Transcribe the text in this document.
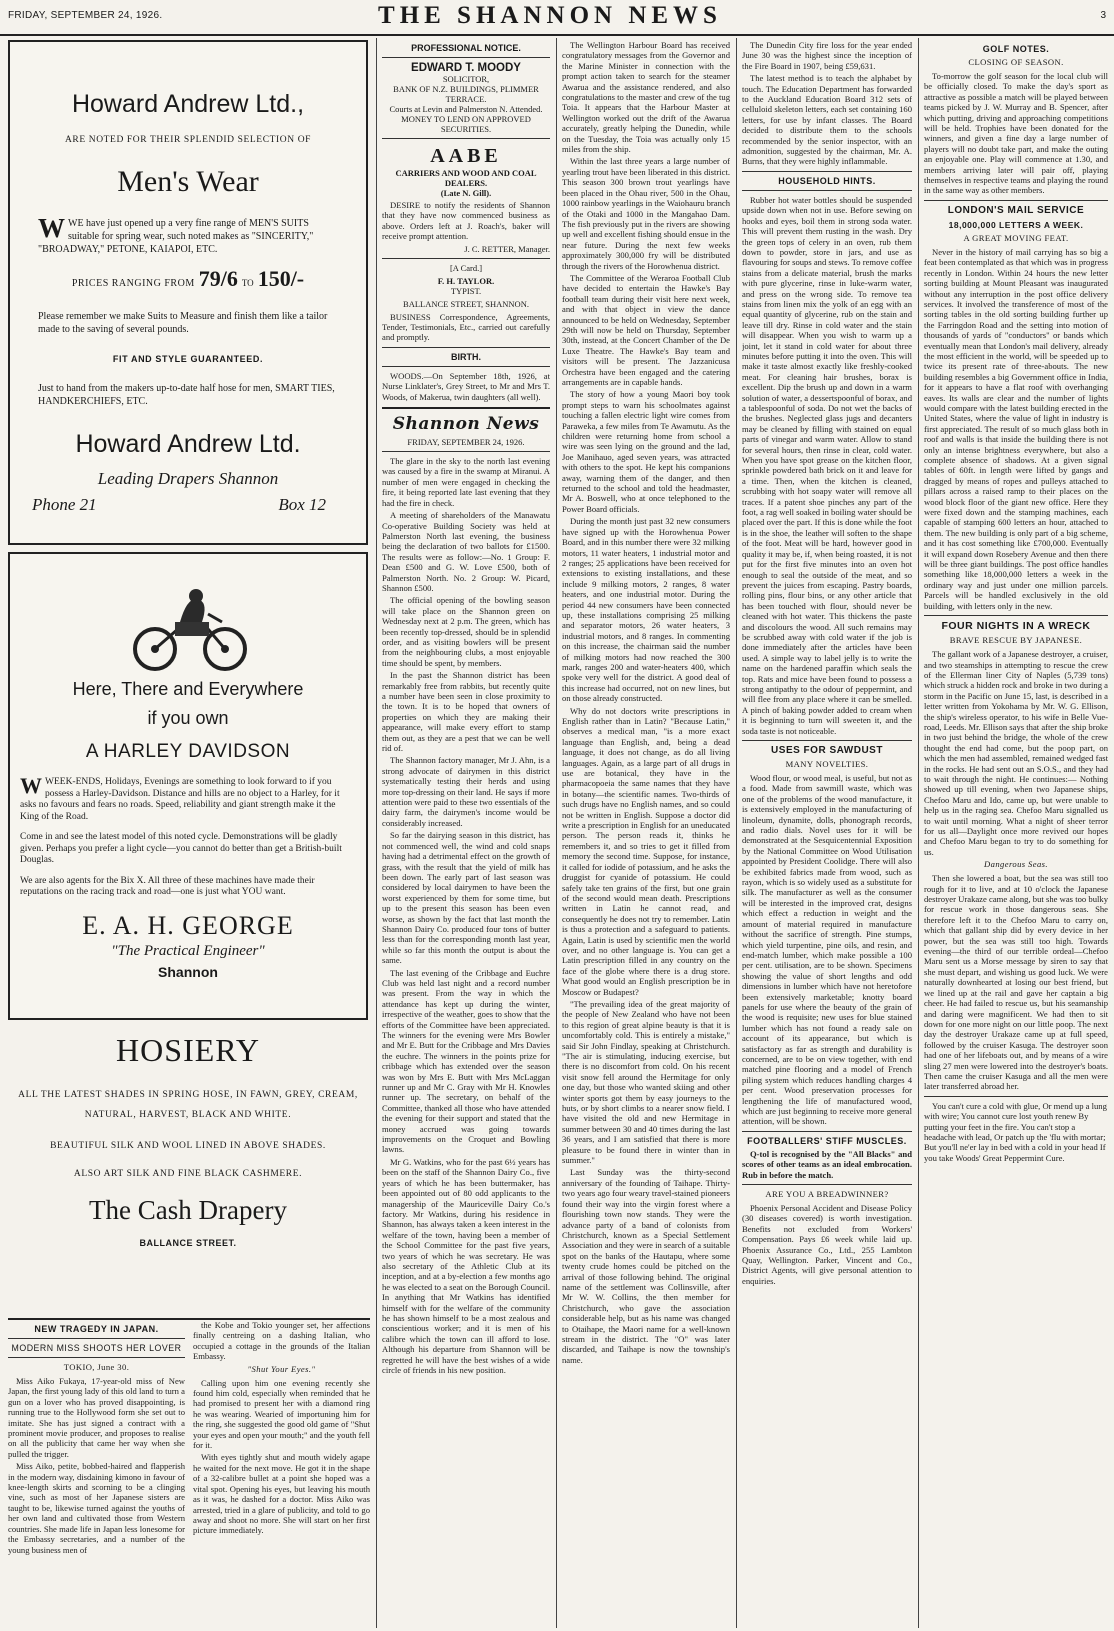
FRIDAY, SEPTEMBER 24, 1926.	THE SHANNON NEWS	3
Howard Andrew Ltd.,
ARE NOTED FOR THEIR SPLENDID SELECTION OF
Men's Wear
WWE have just opened up a very fine range of MEN'S SUITS suitable for spring wear, such noted makes as "SINCERITY," "BROADWAY," PETONE, KAIAPOI, ETC.
PRICES RANGING FROM 79/6 TO 150/-
Please remember we make Suits to Measure and finish them like a tailor made to the saving of several pounds.
FIT AND STYLE GUARANTEED.
Just to hand from the makers up-to-date half hose for men, SMART TIES, HANDKERCHIEFS, ETC.
Howard Andrew Ltd.
Leading Drapers Shannon
Phone 21	Box 12
Here, There and Everywhere
if you own
A HARLEY DAVIDSON
WWEEK-ENDS, Holidays, Evenings are something to look forward to if you possess a Harley-Davidson. Distance and hills are no object to a Harley, for it asks no favours and fears no roads. Speed, reliability and giant strength make it the King of the Road.
Come in and see the latest model of this noted cycle. Demonstrations will be gladly given. Perhaps you prefer a light cycle—you cannot do better than get a British-built Douglas.
We are also agents for the Bix X. All three of these machines have made their reputations on the racing track and road—one is just what YOU want.
E. A. H. GEORGE
"The Practical Engineer"
Shannon
HOSIERY
ALL THE LATEST SHADES IN SPRING HOSE, IN FAWN, GREY, CREAM, NATURAL, HARVEST, BLACK AND WHITE.
BEAUTIFUL SILK AND WOOL LINED IN ABOVE SHADES.
ALSO ART SILK AND FINE BLACK CASHMERE.
The Cash Drapery
BALLANCE STREET.
NEW TRAGEDY IN JAPAN.
MODERN MISS SHOOTS HER LOVER
TOKIO, June 30.

Miss Aiko Fukaya, 17-year-old miss of New Japan, the first young lady of this old land to turn a gun on a lover who has proved disappointing, is running true to the Hollywood form she set out to imitate. She has just signed a contract with a prominent movie producer, and proposes to realise on all the publicity that came her way when she pulled the trigger.

Miss Aiko, petite, bobbed-haired and flapperish in the modern way, disdaining kimono in favour of knee-length skirts and scorning to be a clinging vine, such as most of her Japanese sisters are taught to be, likewise turned against the youths of her own land and cultivated those from Western countries. She made life in Japan less lonesome for the Embassy secretaries, and a number of the young business men of

the Kobe and Tokio younger set, her affections finally centreing on a dashing Italian, who occupied a cottage in the grounds of the Italian Embassy.

"Shut Your Eyes."

Calling upon him one evening recently she found him cold, especially when reminded that he had promised to present her with a diamond ring he was wearing. Wearied of importuning him for the ring, she suggested the good old game of "Shut your eyes and open your mouth;" and the youth fell for it.

With eyes tightly shut and mouth widely agape he waited for the next move. He got it in the shape of a 32-calibre bullet at a point she hoped was a vital spot. Opening his eyes, but leaving his mouth as it was, he dashed for a doctor. Miss Aiko was arrested, tried in a glare of publicity, and told to go away and shoot no more. She will start on her first picture immediately.

PROFESSIONAL NOTICE.
EDWARD T. MOODY
SOLICITOR,
BANK OF N.Z. BUILDINGS, PLIMMER TERRACE.
Courts at Levin and Palmerston N. Attended.
MONEY TO LEND ON APPROVED SECURITIES.
AABE
CARRIERS AND WOOD AND COAL DEALERS.
(Late N. Gill).

DESIRE to notify the residents of Shannon that they have now commenced business as above. Orders left at J. Roach's, baker will receive prompt attention.

J. C. RETTER, Manager.
[A Card.]
F. H. TAYLOR.
TYPIST.
BALLANCE STREET, SHANNON.

BUSINESS Correspondence, Agreements, Tender, Testimonials, Etc., carried out carefully and promptly.

BIRTH.

WOODS.—On September 18th, 1926, at Nurse Linklater's, Grey Street, to Mr and Mrs T. Woods, of Makerua, twin daughters (all well).

Shannon News
FRIDAY, SEPTEMBER 24, 1926.

The glare in the sky to the north last evening was caused by a fire in the swamp at Miranui. A number of men were engaged in checking the fire, it being reported late last evening that they had the fire in check.

A meeting of shareholders of the Manawatu Co-operative Building Society was held at Palmerston North last evening, the business being the declaration of two ballots for £1500. The results were as follow:—No. 1 Group: F. Dean £500 and G. W. Love £500, both of Palmerston North. No. 2 Group: W. Picard, Shannon £500.

The official opening of the bowling season will take place on the Shannon green on Wednesday next at 2 p.m. The green, which has been recently top-dressed, should be in splendid order, and as visiting bowlers will be present from the neighbouring clubs, a most enjoyable time should be spent, by members.

In the past the Shannon district has been remarkably free from rabbits, but recently quite a number have been seen in close proximity to the town. It is to be hoped that owners of properties on which they are making their appearance, will make every effort to stamp them out, as they are a pest that we can be well rid of.

The Shannon factory manager, Mr J. Ahn, is a strong advocate of dairymen in this district systematically testing their herds and using more top-dressing on their land. He says if more attention were paid to these two essentials of the dairy farm, the dairymen's income would be considerably increased.

So far the dairying season in this district, has not commenced well, the wind and cold snaps having had a detrimental effect on the growth of grass, with the result that the yield of milk has been down. The early part of last season was considered by local dairymen to have been the worst experienced by them for some time, but up to the present this season has been even worse, as shown by the fact that last month the Shannon Dairy Co. produced four tons of butter less than for the corresponding month last year, while so far this month the output is about the same.

The last evening of the Cribbage and Euchre Club was held last night and a record number was present. From the way in which the attendance has kept up during the winter, irrespective of the weather, goes to show that the efforts of the Committee have been appreciated. The winners for the evening were Mrs Bowler and Mr E. Butt for the Cribbage and Mrs Davies the euchre. The winners in the points prize for cribbage which has extended over the season was won by Mrs E. Butt with Mrs McLaggan runner up and Mr C. Gray with Mr H. Knowles runner up. The secretary, on behalf of the Committee, thanked all those who have attended the evening for their support and stated that the money accrued was going towards improvements on the Croquet and Bowling lawns.

Mr G. Watkins, who for the past 6½ years has been on the staff of the Shannon Dairy Co., five years of which he has been buttermaker, has been appointed out of 80 odd applicants to the managership of the Mauriceville Dairy Co.'s factory. Mr Watkins, during his residence in Shannon, has always taken a keen interest in the welfare of the town, having been a member of the School Committee for the past five years, two years of which he was secretary. He was also secretary of the Athletic Club at its inception, and at a by-election a few months ago he was elected to a seat on the Borough Council. In anything that Mr Watkins has identified himself with for the welfare of the community he has shown himself to be a most zealous and conscientious worker; and it is men of his calibre which the town can ill afford to lose. Although his departure from Shannon will be regretted he will have the best wishes of a wide circle of friends in his new position.

The Wellington Harbour Board has received congratulatory messages from the Governor and the Marine Minister in connection with the prompt action taken to search for the steamer Awarua and the assistance rendered, and also congratulations to the master and crew of the tug Toia. It appears that the Harbour Master at Wellington worked out the drift of the Awarua accurately, greatly helping the Dunedin, while on the Tuesday, the Toia was actually only 15 miles from the ship.

Within the last three years a large number of yearling trout have been liberated in this district. This season 300 brown trout yearlings have been placed in the Ohau river, 500 in the Ohau, 1000 rainbow yearlings in the Waiohauru branch of the Otaki and 1000 in the Mangahao Dam. The fish previously put in the rivers are showing up well and excellent fishing should ensue in the near future. During the next few weeks approximately 300,000 fry will be distributed through the rivers of the Horowhenua district.

The Committee of the Weraroa Football Club have decided to entertain the Hawke's Bay football team during their visit here next week, and with that object in view the dance announced to be held on Wednesday, September 29th will now be held on Thursday, September 30th, instead, at the Concert Chamber of the De Luxe Theatre. The Hawke's Bay team and visitors will be present. The Jazzanicusa Orchestra have been engaged and the catering arrangements are in capable hands.

The story of how a young Maori boy took prompt steps to warn his schoolmates against touching a fallen electric light wire comes from Paraweka, a few miles from Te Awamutu. As the children were returning home from school a wire was seen lying on the ground and the lad, Joe Manihauo, aged seven years, was attracted with others to the spot. He kept his companions away, warning them of the danger, and then returned to the school and told the headmaster, Mr A. Boswell, who at once telephoned to the Power Board officials.

During the month just past 32 new consumers have signed up with the Horowhenua Power Board, and in this number there were 32 milking motors, 11 water heaters, 1 industrial motor and 2 ranges; 25 applications have been received for extensions to existing installations, and these include 9 milking motors, 2 ranges, 8 water heaters, and one industrial motor. During the period 44 new consumers have been connected up, these installations comprising 25 milking and separator motors, 26 water heaters, 3 industrial motors, and 8 ranges. In commenting on this increase, the chairman said the number of milking motors had now reached the 300 mark, ranges 200 and water-heaters 400, which spoke very well for the district. A good deal of this increase had occurred, not on new lines, but on those already constructed.

Why do not doctors write prescriptions in English rather than in Latin? "Because Latin," observes a medical man, "is a more exact language than English, and, being a dead language, it does not change, as do all living languages. Again, as a large part of all drugs in use are botanical, they have in the pharmacopoeia the same names that they have in botany—the scientific names. Two-thirds of such drugs have no English names, and so could not be written in English. Suppose a doctor did write a prescription in English for an uneducated person. The person reads it, thinks he remembers it, and so tries to get it filled from memory the second time. Suppose, for instance, it called for iodide of potassium, and he asks the druggist for cyanide of potassium. He could safely take ten grains of the first, but one grain of the second would mean death. Prescriptions written in Latin he cannot read, and consequently he does not try to remember. Latin is thus a protection and a safeguard to patients. Again, Latin is used by scientific men the world over, and no other language is. You can get a Latin prescription filled in any country on the face of the globe where there is a drug store. What good would an English prescription be in Moscow or Budapest?

"The prevailing idea of the great majority of the people of New Zealand who have not been to this region of great alpine beauty is that it is uncomfortably cold. This is entirely a mistake," said Sir John Findlay, speaking at Christchurch. "The air is stimulating, inducing exercise, but there is no discomfort from cold. On his recent visit snow fell around the Hermitage for only one day, but those who wanted skiing and other winter sports got them by easy journeys to the huts, or by short climbs to a nearer snow field. I have visited the old and new Hermitage in summer between 30 and 40 times during the last 36 years, and I am satisfied that there is more pleasure to be found there in winter than in summer."

Last Sunday was the thirty-second anniversary of the founding of Taihape. Thirty-two years ago four weary travel-stained pioneers found their way into the virgin forest where a flourishing town now stands. They were the advance party of a band of colonists from Christchurch, known as a Special Settlement Association and they were in search of a suitable spot on the banks of the Hautapu, where some twenty crude homes could be pitched on the arrival of those following behind. The original name of the settlement was Collinsville, after Mr W. W. Collins, the then member for Christchurch, who gave the association considerable help, but as his name was changed to Otaihape, the Maori name for a well-known stream in the district. The "O" was later discarded, and Taihape is now the township's name.

The Dunedin City fire loss for the year ended June 30 was the highest since the inception of the Fire Board in 1907, being £59,631.

The latest method is to teach the alphabet by touch. The Education Department has forwarded to the Auckland Education Board 312 sets of celluloid skeleton letters, each set containing 160 letters, for use by infant classes. The Board decided to distribute them to the schools recommended by the senior inspector, with an admonition, suggested by the chairman, Mr. A. Burns, that they were highly inflammable.

HOUSEHOLD HINTS.

Rubber hot water bottles should be suspended upside down when not in use. Before sewing on hooks and eyes, boil them in strong soda water. This will prevent them rusting in the wash. Dry the green tops of celery in an oven, rub them down to powder, store in jars, and use as flavouring for soups and stews. To remove coffee stains from a delicate material, brush the marks with pure glycerine, rinse in luke-warm water, and press on the wrong side. To remove tea stains from linen mix the yolk of an egg with an equal quantity of glycerine, rub on the stain and leave till dry. Rinse in cold water and the stain will disappear. When you wish to warm up a joint, let it stand in cold water for about three minutes before putting it into the oven. This will make it taste almost exactly like freshly-cooked meat. For cleaning hair brushes, borax is excellent. Dip the brush up and down in a warm solution of water, a dessertspoonful of borax, and a tablespoonful of soda. Do not wet the backs of the brushes. Neglected glass jugs and decanters may be cleaned by filling with stained on equal parts of vinegar and warm water. Allow to stand for several hours, then rinse in clear, cold water. When you have spot grease on the kitchen floor, sprinkle powdered bath brick on it and leave for a time. Then, when the kitchen is cleaned, scrubbing with hot soapy water will remove all traces. If a patent shoe pinches any part of the foot, a rag well soaked in boiling water should be placed over the part. If this is done while the foot is in the shoe, the leather will soften to the shape of the foot. Meat will be hard, however good in quality it may be, if, when being roasted, it is not put for the first five minutes into an oven hot enough to seal the outside of the meat, and so prevent the juices from escaping. Pastry boards, rolling pins, flour bins, or any other article that has been touched with flour, should never be cleaned with hot water. This thickens the paste and discolours the wood. All such remains may be scrubbed away with cold water if the job is done immediately after the articles have been used. A simple way to label jelly is to write the name on the hardened paraffin which seals the top. Rats and mice have been found to possess a strong antipathy to the odour of peppermint, and will flee from any place where it can be smelled. A pinch of baking powder added to cream when it is beginning to turn will sweeten it, and the soda taste is not noticeable.

USES FOR SAWDUST
MANY NOVELTIES.

Wood flour, or wood meal, is useful, but not as a food. Made from sawmill waste, which was one of the problems of the wood manufacture, it is extensively employed in the manufacturing of linoleum, dynamite, dolls, phonograph records, and radio dials. Novel uses for it will be demonstrated at the Sesquicentennial Exposition by the National Committee on Wood Utilisation appointed by President Coolidge. There will also be exhibited fabrics made from wood, such as rayon, which is so widely used as a substitute for silk. The manufacturer as well as the consumer will be interested in the improved crat, designs which effect a reduction in weight and the amount of material required in manufacture without the sacrifice of strength. Pine stumps, which yield turpentine, pine oils, and resin, and end-match lumber, which make possible a 100 per cent. utilisation, are to be shown. Specimens showing the value of short lengths and odd dimensions in lumber which have not heretofore been extensively marketable; knotty board panels for use where the beauty of the grain of the wood is requisite; new uses for blue stained lumber which has not found a ready sale on account of its appearance, but which is satisfactory as far as strength and durability is concerned, are to be on view together, with end matched pine flooring and a model of French piling system which reduces handling charges 4 per cent. Wood preservation processes for lengthening the life of manufactured wood, which are just beginning to receive more general attention, will be shown.

FOOTBALLERS' STIFF MUSCLES.

Q-tol is recognised by the "All Blacks" and scores of other teams as an ideal embrocation. Rub in before the match.

ARE YOU A BREADWINNER?

Phoenix Personal Accident and Disease Policy (30 diseases covered) is worth investigation. Benefits not excluded from Workers' Compensation. Pays £6 week while laid up. Phoenix Assurance Co., Ltd., 255 Lambton Quay, Wellington. Parker, Vincent and Co., District Agents, will give personal attention to enquiries.

GOLF NOTES.
CLOSING OF SEASON.

To-morrow the golf season for the local club will be officially closed. To make the day's sport as attractive as possible a match will be played between teams picked by J. W. Murray and B. Spencer, after which putting, driving and approaching competitions will be held. Trophies have been donated for the winners, and given a fine day a large number of players will no doubt take part, and make the outing an enjoyable one. Play will commence at 1.30, and members arriving later will pair off, playing themselves in respective teams and playing the round in the same way as other members.

LONDON'S MAIL SERVICE
18,000,000 LETTERS A WEEK.
A GREAT MOVING FEAT.

Never in the history of mail carrying has so big a feat been contemplated as that which was in progress recently in London. Within 24 hours the new letter sorting building at Mount Pleasant was inaugurated without any interruption in the post office delivery services. It involved the transference of most of the sorting tables in the old sorting building further up the Farringdon Road and the setting into motion of thousands of yards of "conductors" or bands which eventually mean that London's mail delivery, already the most efficient in the world, will be speeded up to twice its present rate of three-abouts. The new building resembles a big Government office in India, for it appears to have a flat roof with overhanging eaves. Its walls are clear and the number of lights would compare with the latest building erected in the United States, where the value of light in industry is first appreciated. The result of so much glass both in roof and walls is that inside the building there is not only an intense brightness everywhere, but also a complete absence of shadows. At a given signal tables of 60ft. in length were lifted by gangs and dragged by means of ropes and pulleys attached to pillars across a raised ramp to their places on the wood block floor of the giant new office. Here they were fixed down and the stamping machines, each capable of stamping 600 letters an hour, attached to them. The new building is only part of a big scheme, and it has cost something like £700,000. Eventually it will expand down Rosebery Avenue and then there will be three giant buildings. The post office handles something like 18,000,000 letters a week in the ordinary way and just under one million parcels. Parcels will be handled exclusively in the old building, with letters only in the new.

FOUR NIGHTS IN A WRECK
BRAVE RESCUE BY JAPANESE.

The gallant work of a Japanese destroyer, a cruiser, and two steamships in attempting to rescue the crew of the Ellerman liner City of Naples (5,739 tons) which struck a hidden rock and broke in two during a storm in the Pacific on June 15, last, is described in a letter written from Yokohama by Mr. W. G. Ellison, the ship's wireless operator, to his wife in Belle Vue-road, Leeds. Mr. Ellison says that after the ship broke in two just behind the bridge, the whole of the crew thought the end had come, but the poop part, on which the men had assembled, remained wedged fast in the rocks. He had sent out an S.O.S., and they had to wait through the night. He continues:— Nothing showed up till evening, when two Japanese ships, Chefoo Maru and Ido, came up, but were unable to help us in the raging sea. Chefoo Maru signalled us to wait until morning. What a night of sheer terror for us all—Daylight once more revived our hopes and Chefoo Maru began to try to do something for us.

Dangerous Seas.

Then she lowered a boat, but the sea was still too rough for it to live, and at 10 o'clock the Japanese destroyer Urakaze came along, but she was too bulky for rescue work in those dangerous seas. She therefore left it to the Chefoo Maru to carry on, which that gallant ship did by every device in her power, but the sea was still too high. Towards evening—the third of our terrible ordeal—Chefoo Maru sent us a Morse message by siren to say that she must depart, and wishing us good luck. We were naturally downhearted at losing our best friend, but we lined up at the rail and gave her captain a big cheer. He had failed to rescue us, but his seamanship and daring were magnificent. We had then to sit down for one more night on our little poop. The next day the destroyer Urakaze came up at full speed, followed by the cruiser Kasuga. The destroyer soon had one of her lifeboats out, and by means of a wire sling 27 men were lowered into the destroyer's boats. Then came the cruiser Kasuga and all the men were later transferred abroad her.

You can't cure a cold with glue, Or mend up a lung with wire; You cannot cure lost youth renew By putting your feet in the fire. You can't stop a headache with lead, Or patch up the 'flu with mortar; But you'll ne'er lay in bed with a cold in your head If you take Woods' Great Peppermint Cure.
